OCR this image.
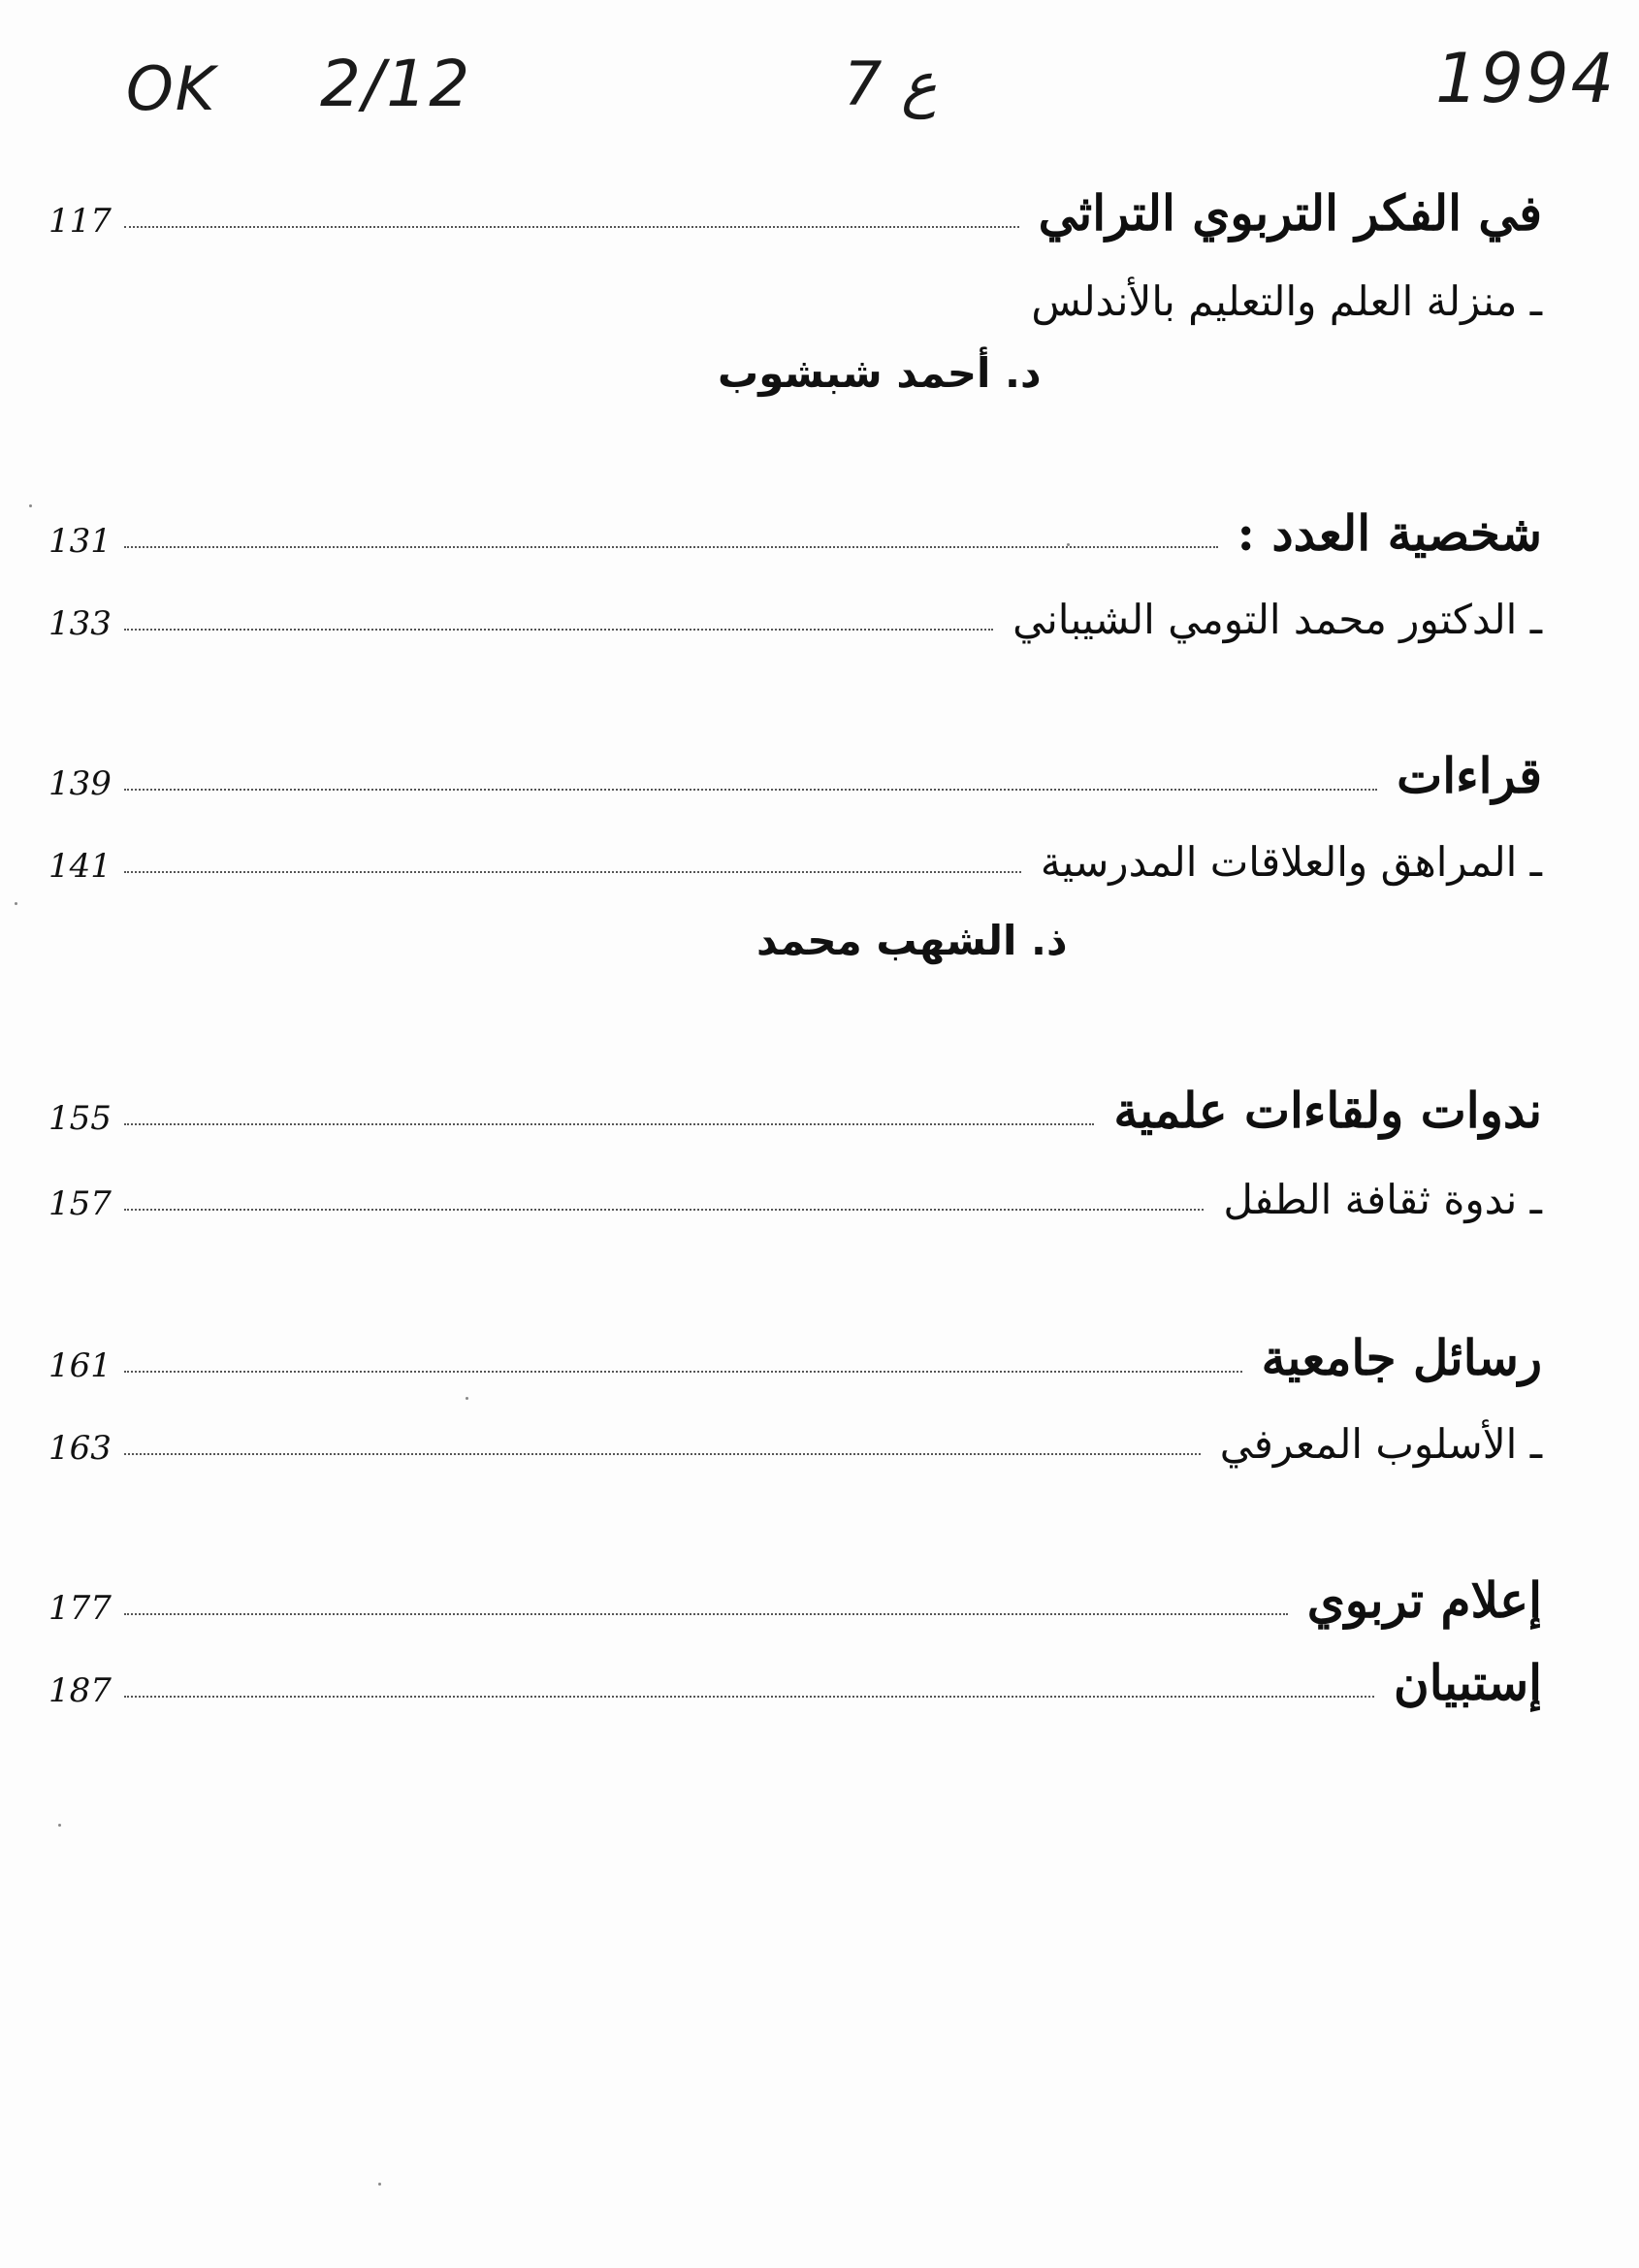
OK 2/12	7 ع	1994
في الفكر التربوي التراثي
117
ـ منزلة العلم والتعليم بالأندلس
د. أحمد شبشوب
شخصية العدد :
131
ـ الدكتور محمد التومي الشيباني
133
قراءات
139
ـ المراهق والعلاقات المدرسية
141
ذ. الشهب محمد
ندوات ولقاءات علمية
155
ـ ندوة ثقافة الطفل
157
رسائل جامعية
161
ـ الأسلوب المعرفي
163
إعلام تربوي
177
إستبيان
187
